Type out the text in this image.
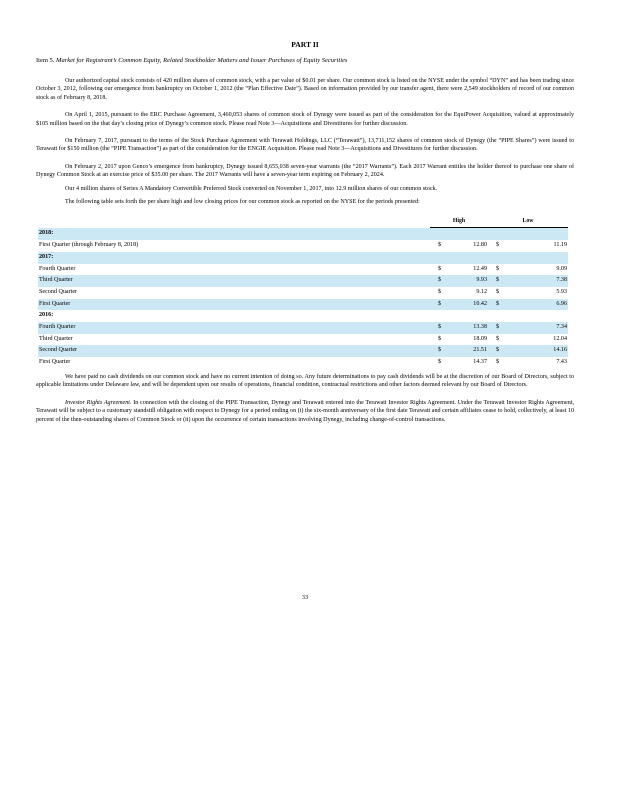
PART II
Item 5. Market for Registrant’s Common Equity, Related Stockholder Matters and Issuer Purchases of Equity Securities

Our authorized capital stock consists of 420 million shares of common stock, with a par value of $0.01 per share. Our common stock is listed on the NYSE under the symbol “DYN” and has been trading since October 3, 2012, following our emergence from bankruptcy on October 1, 2012 (the “Plan Effective Date”). Based on information provided by our transfer agent, there were 2,549 stockholders of record of our common stock as of February 8, 2018.

On April 1, 2015, pursuant to the ERC Purchase Agreement, 3,460,053 shares of common stock of Dynegy were issued as part of the consideration for the EquiPower Acquisition, valued at approximately $105 million based on the that day’s closing price of Dynegy’s common stock. Please read Note 3—Acquisitions and Divestitures for further discussion.

On February 7, 2017, pursuant to the terms of the Stock Purchase Agreement with Terawatt Holdings, LLC (“Terawatt”), 13,711,152 shares of common stock of Dynegy (the “PIPE Shares”) were issued to Terawatt for $150 million (the “PIPE Transaction”) as part of the consideration for the ENGIE Acquisition. Please read Note 3—Acquisitions and Divestitures for further discussion.

On February 2, 2017 upon Genco’s emergence from bankruptcy, Dynegy issued 8,655,038 seven-year warrants (the “2017 Warrants”). Each 2017 Warrant entitles the holder thereof to purchase one share of Dynegy Common Stock at an exercise price of $35.00 per share. The 2017 Warrants will have a seven-year term expiring on February 2, 2024.

Our 4 million shares of Series A Mandatory Convertible Preferred Stock converted on November 1, 2017, into 12.9 million shares of our common stock.

The following table sets forth the per share high and low closing prices for our common stock as reported on the NYSE for the periods presented:

	High		Low	
2018:				
First Quarter (through February 8, 2018)	$	12.80	$	11.19
2017:				
Fourth Quarter	$	12.49	$	9.09
Third Quarter	$	9.93	$	7.38
Second Quarter	$	9.12	$	5.93
First Quarter	$	10.42	$	6.96
2016:				
Fourth Quarter	$	13.38	$	7.34
Third Quarter	$	18.09	$	12.04
Second Quarter	$	21.51	$	14.16
First Quarter	$	14.37	$	7.43

We have paid no cash dividends on our common stock and have no current intention of doing so. Any future determinations to pay cash dividends will be at the discretion of our Board of Directors, subject to applicable limitations under Delaware law, and will be dependent upon our results of operations, financial condition, contractual restrictions and other factors deemed relevant by our Board of Directors.

Investor Rights Agreement. In connection with the closing of the PIPE Transaction, Dynegy and Terawatt entered into the Terawatt Investor Rights Agreement. Under the Terawatt Investor Rights Agreement, Terawatt will be subject to a customary standstill obligation with respect to Dynegy for a period ending on (i) the six-month anniversary of the first date Terawatt and certain affiliates cease to hold, collectively, at least 10 percent of the then-outstanding shares of Common Stock or (ii) upon the occurrence of certain transactions involving Dynegy, including change-of-control transactions.

33
